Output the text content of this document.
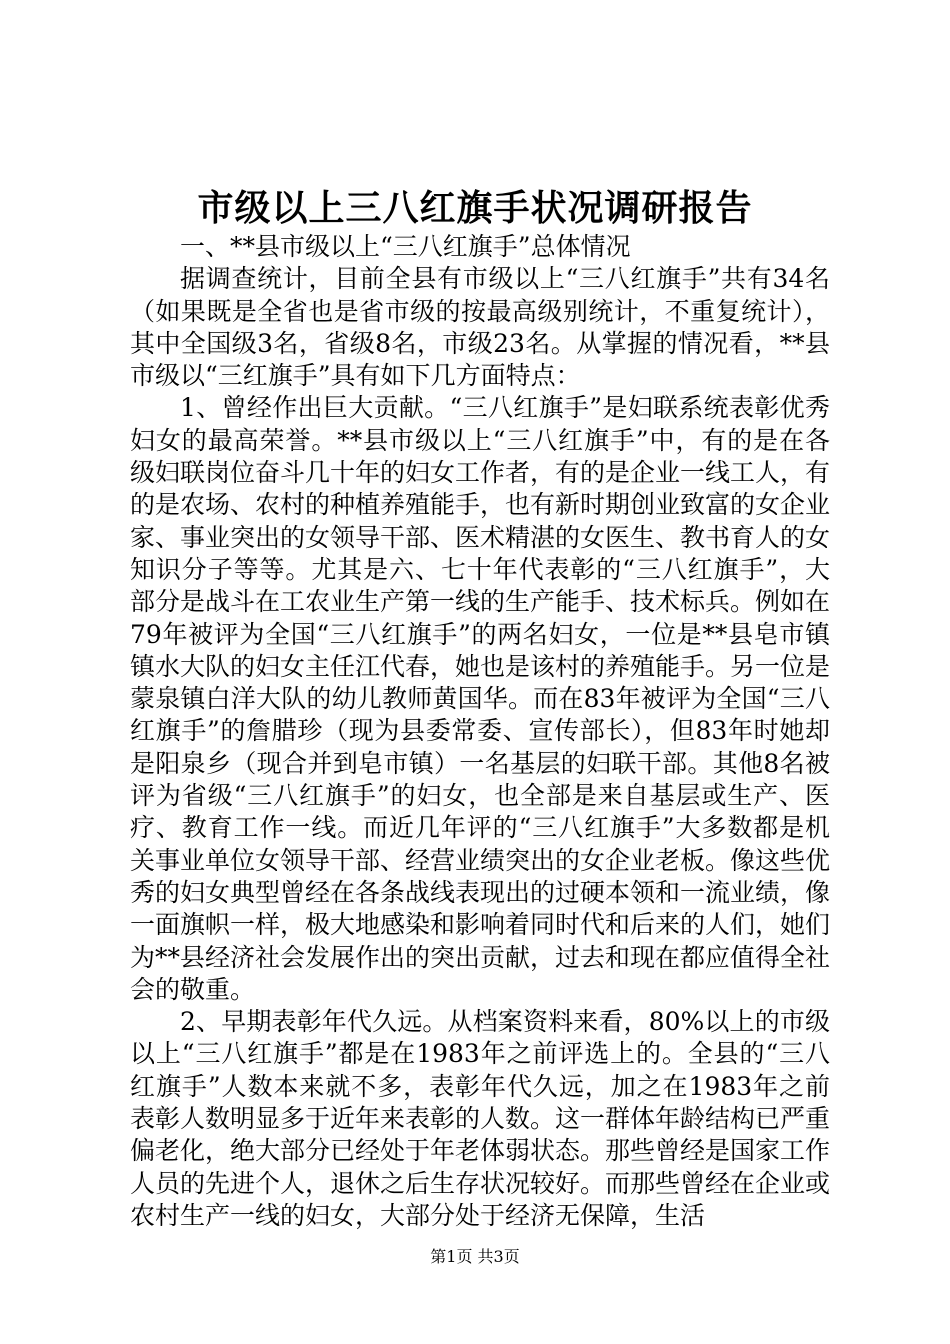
市级以上三八红旗手状况调研报告

一、**县市级以上“三八红旗手”总体情况

据调查统计，目前全县有市级以上“三八红旗手”共有34名（如果既是全省也是省市级的按最高级别统计，不重复统计），其中全国级3名，省级8名，市级23名。从掌握的情况看，**县市级以“三红旗手”具有如下几方面特点：

1、曾经作出巨大贡献。“三八红旗手”是妇联系统表彰优秀妇女的最高荣誉。**县市级以上“三八红旗手”中，有的是在各级妇联岗位奋斗几十年的妇女工作者，有的是企业一线工人，有的是农场、农村的种植养殖能手，也有新时期创业致富的女企业家、事业突出的女领导干部、医术精湛的女医生、教书育人的女知识分子等等。尤其是六、七十年代表彰的“三八红旗手”，大部分是战斗在工农业生产第一线的生产能手、技术标兵。例如在79年被评为全国“三八红旗手”的两名妇女，一位是**县皂市镇镇水大队的妇女主任江代春，她也是该村的养殖能手。另一位是蒙泉镇白洋大队的幼儿教师黄国华。而在83年被评为全国“三八红旗手”的詹腊珍（现为县委常委、宣传部长），但83年时她却是阳泉乡（现合并到皂市镇）一名基层的妇联干部。其他8名被评为省级“三八红旗手”的妇女，也全部是来自基层或生产、医疗、教育工作一线。而近几年评的“三八红旗手”大多数都是机关事业单位女领导干部、经营业绩突出的女企业老板。像这些优秀的妇女典型曾经在各条战线表现出的过硬本领和一流业绩，像一面旗帜一样，极大地感染和影响着同时代和后来的人们，她们为**县经济社会发展作出的突出贡献，过去和现在都应值得全社会的敬重。

2、早期表彰年代久远。从档案资料来看，80%以上的市级以上“三八红旗手”都是在1983年之前评选上的。全县的“三八红旗手”人数本来就不多，表彰年代久远，加之在1983年之前表彰人数明显多于近年来表彰的人数。这一群体年龄结构已严重偏老化，绝大部分已经处于年老体弱状态。那些曾经是国家工作人员的先进个人，退休之后生存状况较好。而那些曾经在企业或农村生产一线的妇女，大部分处于经济无保障，生活

第1页 共3页
